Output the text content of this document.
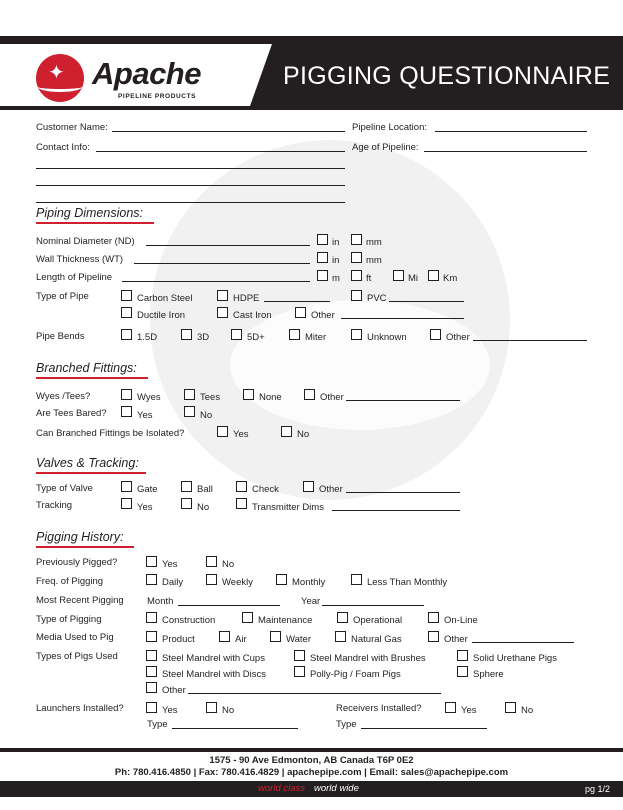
✦ Apache
PIPELINE PRODUCTS
PIGGING QUESTIONNAIRE
Customer Name:	Pipeline Location:
Contact Info:	Age of Pipeline:
Piping Dimensions:
Nominal Diameter (ND)	in	mm
Wall Thickness (WT)	in	mm
Length of Pipeline	m	ft	Mi	Km
Type of Pipe	Carbon Steel	HDPE	PVC
Ductile Iron	Cast Iron	Other
Pipe Bends	1.5D	3D	5D+	Miter	Unknown	Other
Branched Fittings:
Wyes /Tees?	Wyes	Tees	None	Other
Are Tees Bared?	Yes	No
Can Branched Fittings be Isolated?	Yes	No
Valves & Tracking:
Type of Valve	Gate	Ball	Check	Other
Tracking	Yes	No	Transmitter Dims
Pigging History:
Previously Pigged?	Yes	No
Freq. of Pigging	Daily	Weekly	Monthly	Less Than Monthly
Most Recent Pigging Month	Year
Type of Pigging	Construction	Maintenance	Operational	On-Line
Media Used to Pig	Product	Air	Water	Natural Gas	Other
Types of Pigs Used	Steel Mandrel with Cups	Steel Mandrel with Brushes	Solid Urethane Pigs
Steel Mandrel with Discs	Polly-Pig / Foam Pigs	Sphere
Other
Launchers Installed?	Yes	No
Type
Receivers Installed?	Yes	No
Type
1575 - 90 Ave Edmonton, AB Canada T6P 0E2
Ph: 780.416.4850 | Fax: 780.416.4829 | apachepipe.com | Email: sales@apachepipe.com
world class world wide	pg 1/2
